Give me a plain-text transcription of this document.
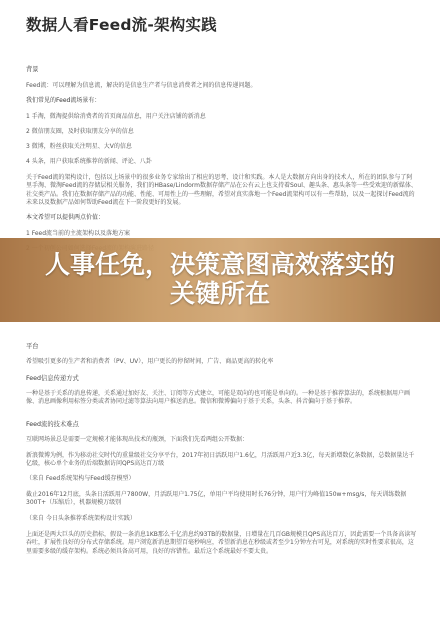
数据人看Feed流-架构实践
背景
Feed流：可以理解为信息流，解决的是信息生产者与信息消费者之间的信息传递问题。
我们常见的Feed流场景有：
1 手淘，微淘提供给消费者的首页商品信息，用户关注店铺的新消息
2 微信朋友圈，及时获取朋友分享的信息
3 微博，粉丝获取关注明星、大V的信息
4 头条，用户获取系统推荐的新闻、评论、八卦
关于Feed流的架构设计，包括以上场景中的很多业务专家给出了相应的思考、设计和实践。本人是大数据方向出身的技术人，所在的团队参与了阿里手淘、微淘Feed流的存储层相关服务，我们的HBase/Lindorm数据存储产品在公有云上也支持着Soul、趣头条、惠头条等一些受欢迎的新媒体、社交类产品。我们在数据存储产品的功能、性能、可用性上的一些理解，希望对真实落地一个Feed流架构可以有一些帮助，以及一起探讨Feed流的未来以及数据产品如何帮助Feed流在下一阶段更好的发展。
本文希望可以提供两点价值：
1 Feed流当前的主流架构以及落地方案
平台
希望吸引更多的生产者和消费者（PV、UV），用户更长的停留时间，广告、商品更高的转化率
Feed信息传递方式
一种是基于关系的消息传递，关系通过加好友、关注、订阅等方式建立，可能是双向的也可能是单向的。一种是基于推荐算法的，系统根据用户画像、消息画像利用标签分类或者协同过滤等算法向用户推送消息。微信和微博偏向于基于关系，头条、抖音偏向于基于推荐。
Feed流的技术难点
互联网场景总是需要一定规模才能体现出技术的瓶颈，下面我们先看两组公开数据：
新浪微博为例，作为移动社交时代的重量级社交分享平台，2017年初日活跃用户1.6亿，月活跃用户近3.3亿，每天新增数亿条数据，总数据量达千亿级，核心单个业务的后端数据访问QPS高达百万级
（来自 Feed系统架构与Feed缓存模型）
截止2016年12月底，头条日活跃用户7800W，月活跃用户1.75亿，单用户平均使用时长76分钟，用户行为峰值150w+msg/s，每天训练数据300T+（压缩后），机器规模万级别
（来自 今日头条推荐系统架构设计实践）
上面还是两大巨头的历史指标，假设一条消息1KB那么千亿消息约93TB的数据量，日增量在几百GB规模且QPS高达百万，因此需要一个具备高读写吞吐，扩展性良好的分布式存储系统。用户浏览新消息期望百毫秒响应，希望新消息在秒级或者至少1分钟左右可见，对系统的实时性要求很高，这里需要多级的缓存架构。系统必须具备高可用，良好的容错性。最后这个系统最好不要太贵。
人事任免，决策意图高效落实的
关键所在
